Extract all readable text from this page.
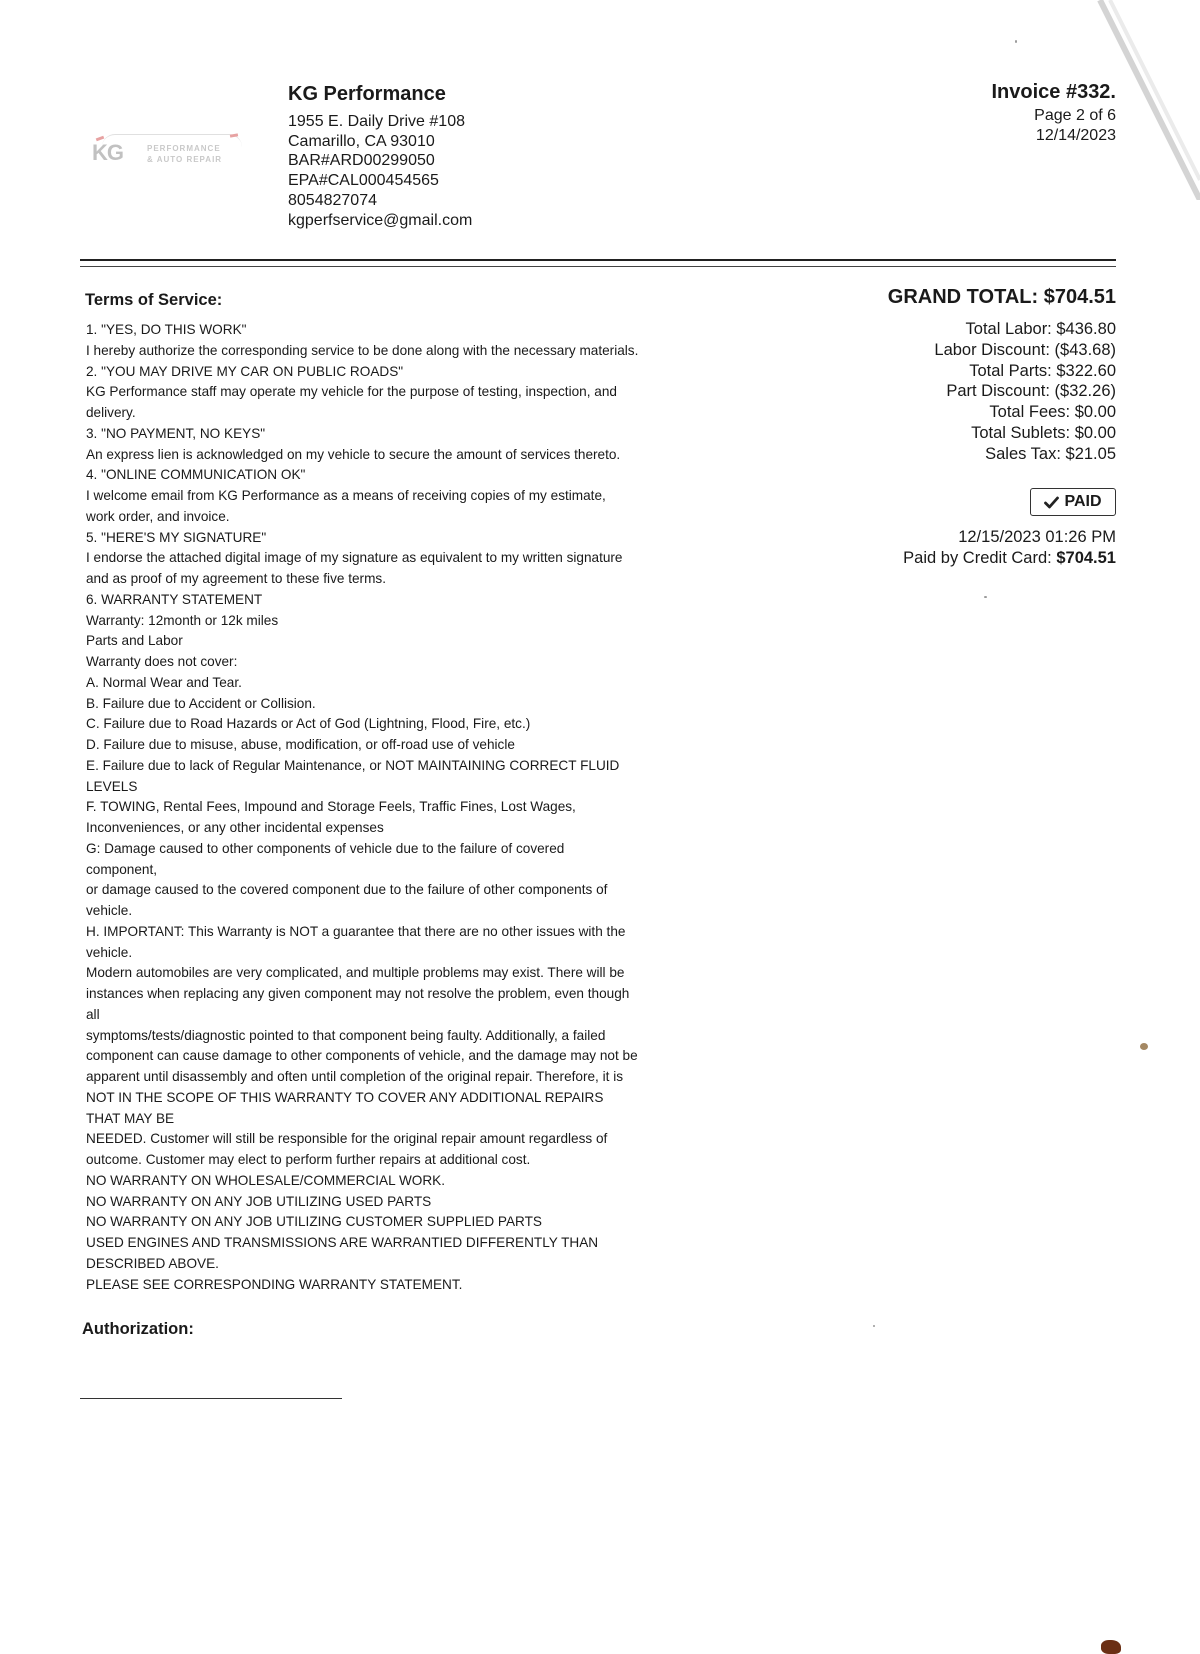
KG	PERFORMANCE
& AUTO REPAIR
KG Performance
1955 E. Daily Drive #108
Camarillo, CA 93010
BAR#ARD00299050
EPA#CAL000454565
8054827074
kgperfservice@gmail.com
Invoice #332.
Page 2 of 6
12/14/2023
Terms of Service:
1. "YES, DO THIS WORK"
I hereby authorize the corresponding service to be done along with the necessary materials.
2. "YOU MAY DRIVE MY CAR ON PUBLIC ROADS"
KG Performance staff may operate my vehicle for the purpose of testing, inspection, and
delivery.
3. "NO PAYMENT, NO KEYS"
An express lien is acknowledged on my vehicle to secure the amount of services thereto.
4. "ONLINE COMMUNICATION OK"
I welcome email from KG Performance as a means of receiving copies of my estimate,
work order, and invoice.
5. "HERE'S MY SIGNATURE"
I endorse the attached digital image of my signature as equivalent to my written signature
and as proof of my agreement to these five terms.
6. WARRANTY STATEMENT
Warranty: 12month or 12k miles
Parts and Labor
Warranty does not cover:
A. Normal Wear and Tear.
B. Failure due to Accident or Collision.
C. Failure due to Road Hazards or Act of God (Lightning, Flood, Fire, etc.)
D. Failure due to misuse, abuse, modification, or off-road use of vehicle
E. Failure due to lack of Regular Maintenance, or NOT MAINTAINING CORRECT FLUID
LEVELS
F. TOWING, Rental Fees, Impound and Storage Feels, Traffic Fines, Lost Wages,
Inconveniences, or any other incidental expenses
G: Damage caused to other components of vehicle due to the failure of covered
component,
or damage caused to the covered component due to the failure of other components of
vehicle.
H. IMPORTANT: This Warranty is NOT a guarantee that there are no other issues with the
vehicle.
Modern automobiles are very complicated, and multiple problems may exist. There will be
instances when replacing any given component may not resolve the problem, even though
all
symptoms/tests/diagnostic pointed to that component being faulty. Additionally, a failed
component can cause damage to other components of vehicle, and the damage may not be
apparent until disassembly and often until completion of the original repair. Therefore, it is
NOT IN THE SCOPE OF THIS WARRANTY TO COVER ANY ADDITIONAL REPAIRS
THAT MAY BE
NEEDED. Customer will still be responsible for the original repair amount regardless of
outcome. Customer may elect to perform further repairs at additional cost.
NO WARRANTY ON WHOLESALE/COMMERCIAL WORK.
NO WARRANTY ON ANY JOB UTILIZING USED PARTS
NO WARRANTY ON ANY JOB UTILIZING CUSTOMER SUPPLIED PARTS
USED ENGINES AND TRANSMISSIONS ARE WARRANTIED DIFFERENTLY THAN
DESCRIBED ABOVE.
PLEASE SEE CORRESPONDING WARRANTY STATEMENT.
Authorization:
GRAND TOTAL: $704.51
Total Labor: $436.80
Labor Discount: ($43.68)
Total Parts: $322.60
Part Discount: ($32.26)
Total Fees: $0.00
Total Sublets: $0.00
Sales Tax: $21.05
PAID
12/15/2023 01:26 PM
Paid by Credit Card: $704.51
